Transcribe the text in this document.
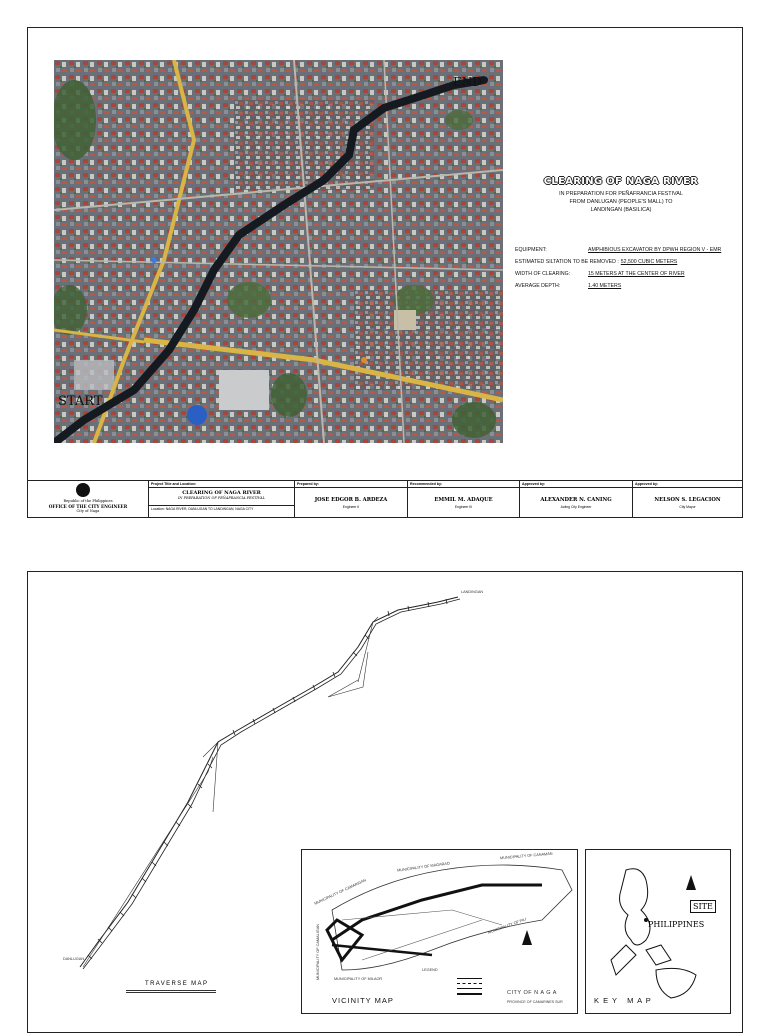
START
END
CLEARING OF NAGA RIVER
IN PREPARATION FOR PEÑAFRANCIA FESTIVAL
FROM DANLUGAN (PEOPLE'S MALL) TO
LANDINGAN (BASILICA)
EQUIPMENT:	AMPHIBIOUS EXCAVATOR BY DPWH REGION V - EMR
ESTIMATED SILTATION TO BE REMOVED : 52,500 CUBIC METERS
WIDTH OF CLEARING:	15 METERS AT THE CENTER OF RIVER
AVERAGE DEPTH:	1.40 METERS
Republic of the Philippines
OFFICE OF THE CITY ENGINEER
City of Naga
Project Title and Location:
CLEARING OF NAGA RIVER
IN PREPARATION OF PEÑAFRANCIA FESTIVAL
Location: NAGA RIVER, DANLUGAN TO LANDINGAN, NAGA CITY
Prepared by:
JOSE EDGOR B. ARDEZA
Engineer II
Recommended by:
EMMIL M. ADAQUE
Engineer III
Approved by:
ALEXANDER N. CANING
Acting City Engineer
Approved by:
NELSON S. LEGACION
City Mayor
LANDINGAN
DANLUGAN
TRAVERSE MAP
MUNICIPALITY OF CAMARIGAN
MUNICIPALITY OF MAGARAO
MUNICIPALITY OF CANAMAN
MUNICIPALITY OF PILI
MUNICIPALITY OF MILAOR
MUNICIPALITY OF CAMALIGAN	LEGEND
VICINITY MAP
CITY OF N A G A
PROVINCE OF CAMARINES SUR
SITE
PHILIPPINES
K E Y   M A P
